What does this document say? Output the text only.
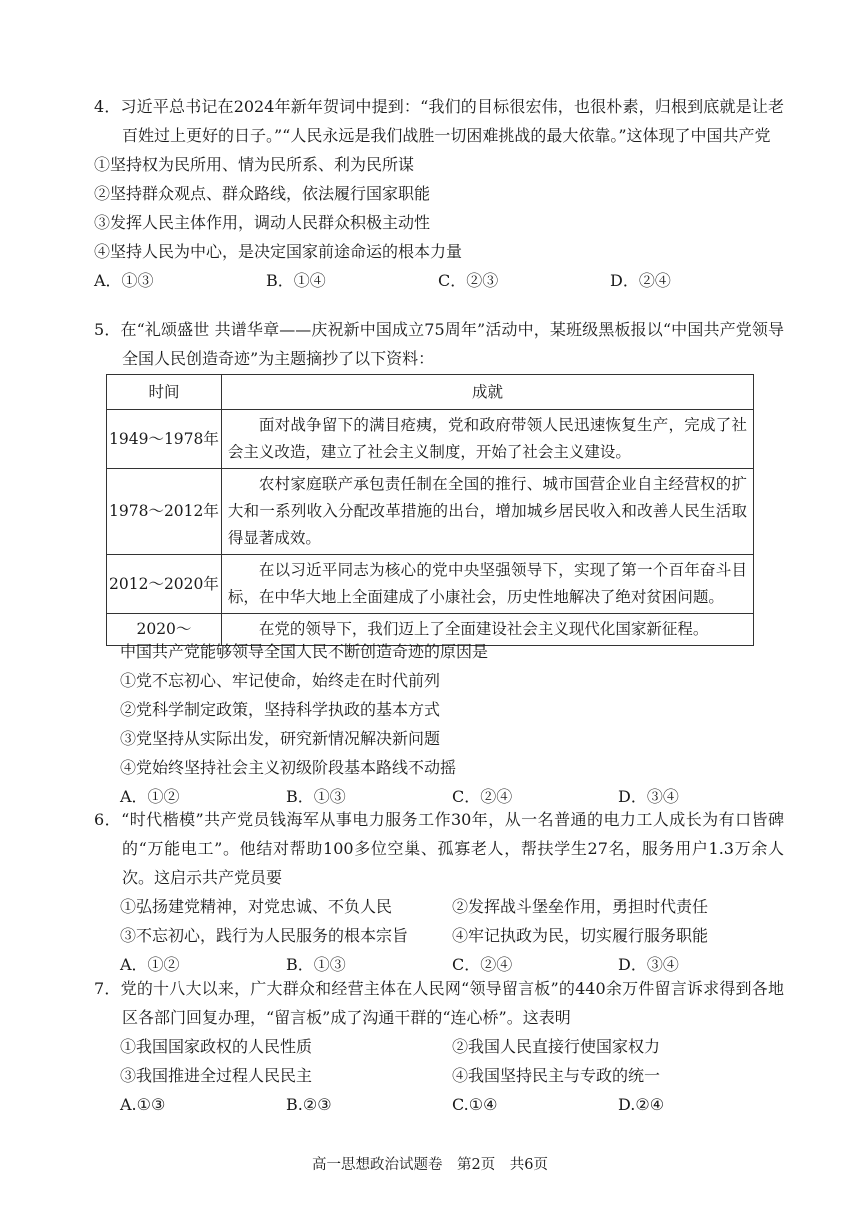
4．习近平总书记在2024年新年贺词中提到：“我们的目标很宏伟，也很朴素，归根到底就是让老百姓过上更好的日子。”“人民永远是我们战胜一切困难挑战的最大依靠。”这体现了中国共产党
①坚持权为民所用、情为民所系、利为民所谋
②坚持群众观点、群众路线，依法履行国家职能
③发挥人民主体作用，调动人民群众积极主动性
④坚持人民为中心，是决定国家前途命运的根本力量
A．①③	B．①④	C．②③	D．②④
5．在“礼颂盛世 共谱华章——庆祝新中国成立75周年”活动中，某班级黑板报以“中国共产党领导全国人民创造奇迹”为主题摘抄了以下资料：
时间	成就
1949～1978年	面对战争留下的满目疮痍，党和政府带领人民迅速恢复生产，完成了社会主义改造，建立了社会主义制度，开始了社会主义建设。
1978～2012年	农村家庭联产承包责任制在全国的推行、城市国营企业自主经营权的扩大和一系列收入分配改革措施的出台，增加城乡居民收入和改善人民生活取得显著成效。
2012～2020年	在以习近平同志为核心的党中央坚强领导下，实现了第一个百年奋斗目标，在中华大地上全面建成了小康社会，历史性地解决了绝对贫困问题。
2020～	在党的领导下，我们迈上了全面建设社会主义现代化国家新征程。
中国共产党能够领导全国人民不断创造奇迹的原因是
①党不忘初心、牢记使命，始终走在时代前列
②党科学制定政策，坚持科学执政的基本方式
③党坚持从实际出发，研究新情况解决新问题
④党始终坚持社会主义初级阶段基本路线不动摇
A．①②	B．①③	C．②④	D．③④
6．“时代楷模”共产党员钱海军从事电力服务工作30年，从一名普通的电力工人成长为有口皆碑的“万能电工”。他结对帮助100多位空巢、孤寡老人，帮扶学生27名，服务用户1.3万余人次。这启示共产党员要
①弘扬建党精神，对党忠诚、不负人民	②发挥战斗堡垒作用，勇担时代责任
③不忘初心，践行为人民服务的根本宗旨	④牢记执政为民，切实履行服务职能
A．①②	B．①③	C．②④	D．③④
7．党的十八大以来，广大群众和经营主体在人民网“领导留言板”的440余万件留言诉求得到各地区各部门回复办理，“留言板”成了沟通干群的“连心桥”。这表明
①我国国家政权的人民性质	②我国人民直接行使国家权力
③我国推进全过程人民民主	④我国坚持民主与专政的统一
A.①③	B.②③	C.①④	D.②④
高一思想政治试题卷　第2页　共6页
